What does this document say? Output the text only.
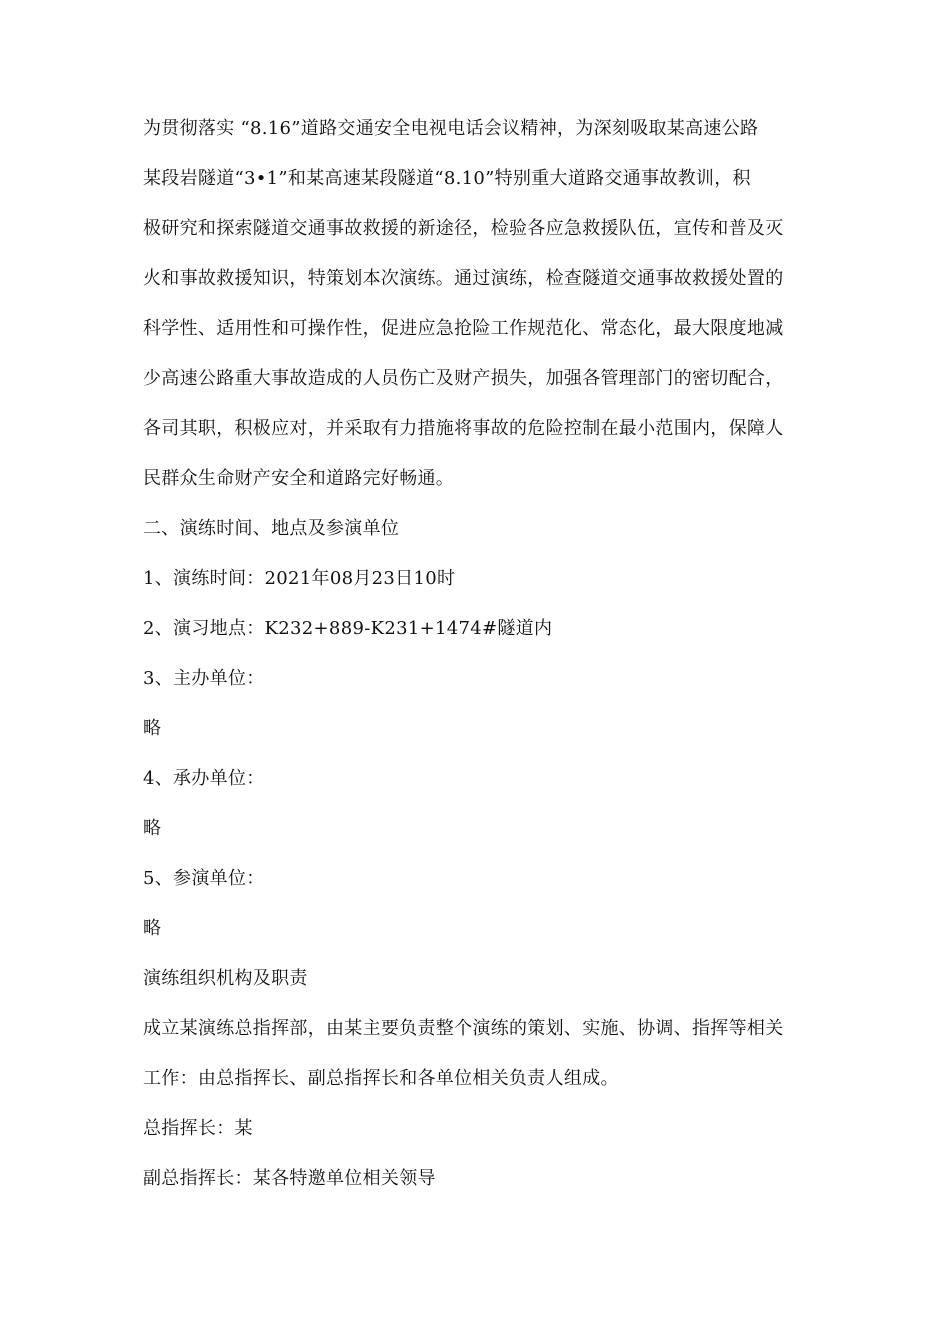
为贯彻落实 “8.16”道路交通安全电视电话会议精神，为深刻吸取某高速公路
某段岩隧道“3•1”和某高速某段隧道“8.10”特别重大道路交通事故教训，积
极研究和探索隧道交通事故救援的新途径，检验各应急救援队伍，宣传和普及灭
火和事故救援知识，特策划本次演练。通过演练，检查隧道交通事故救援处置的
科学性、适用性和可操作性，促进应急抢险工作规范化、常态化，最大限度地减
少高速公路重大事故造成的人员伤亡及财产损失，加强各管理部门的密切配合，
各司其职，积极应对，并采取有力措施将事故的危险控制在最小范围内，保障人
民群众生命财产安全和道路完好畅通。

二、演练时间、地点及参演单位

1、演练时间：2021年08月23日10时

2、演习地点：K232+889-K231+1474#隧道内

3、主办单位：

略

4、承办单位：

略

5、参演单位：

略

演练组织机构及职责

成立某演练总指挥部，由某主要负责整个演练的策划、实施、协调、指挥等相关
工作：由总指挥长、副总指挥长和各单位相关负责人组成。

总指挥长：某

副总指挥长：某各特邀单位相关领导
